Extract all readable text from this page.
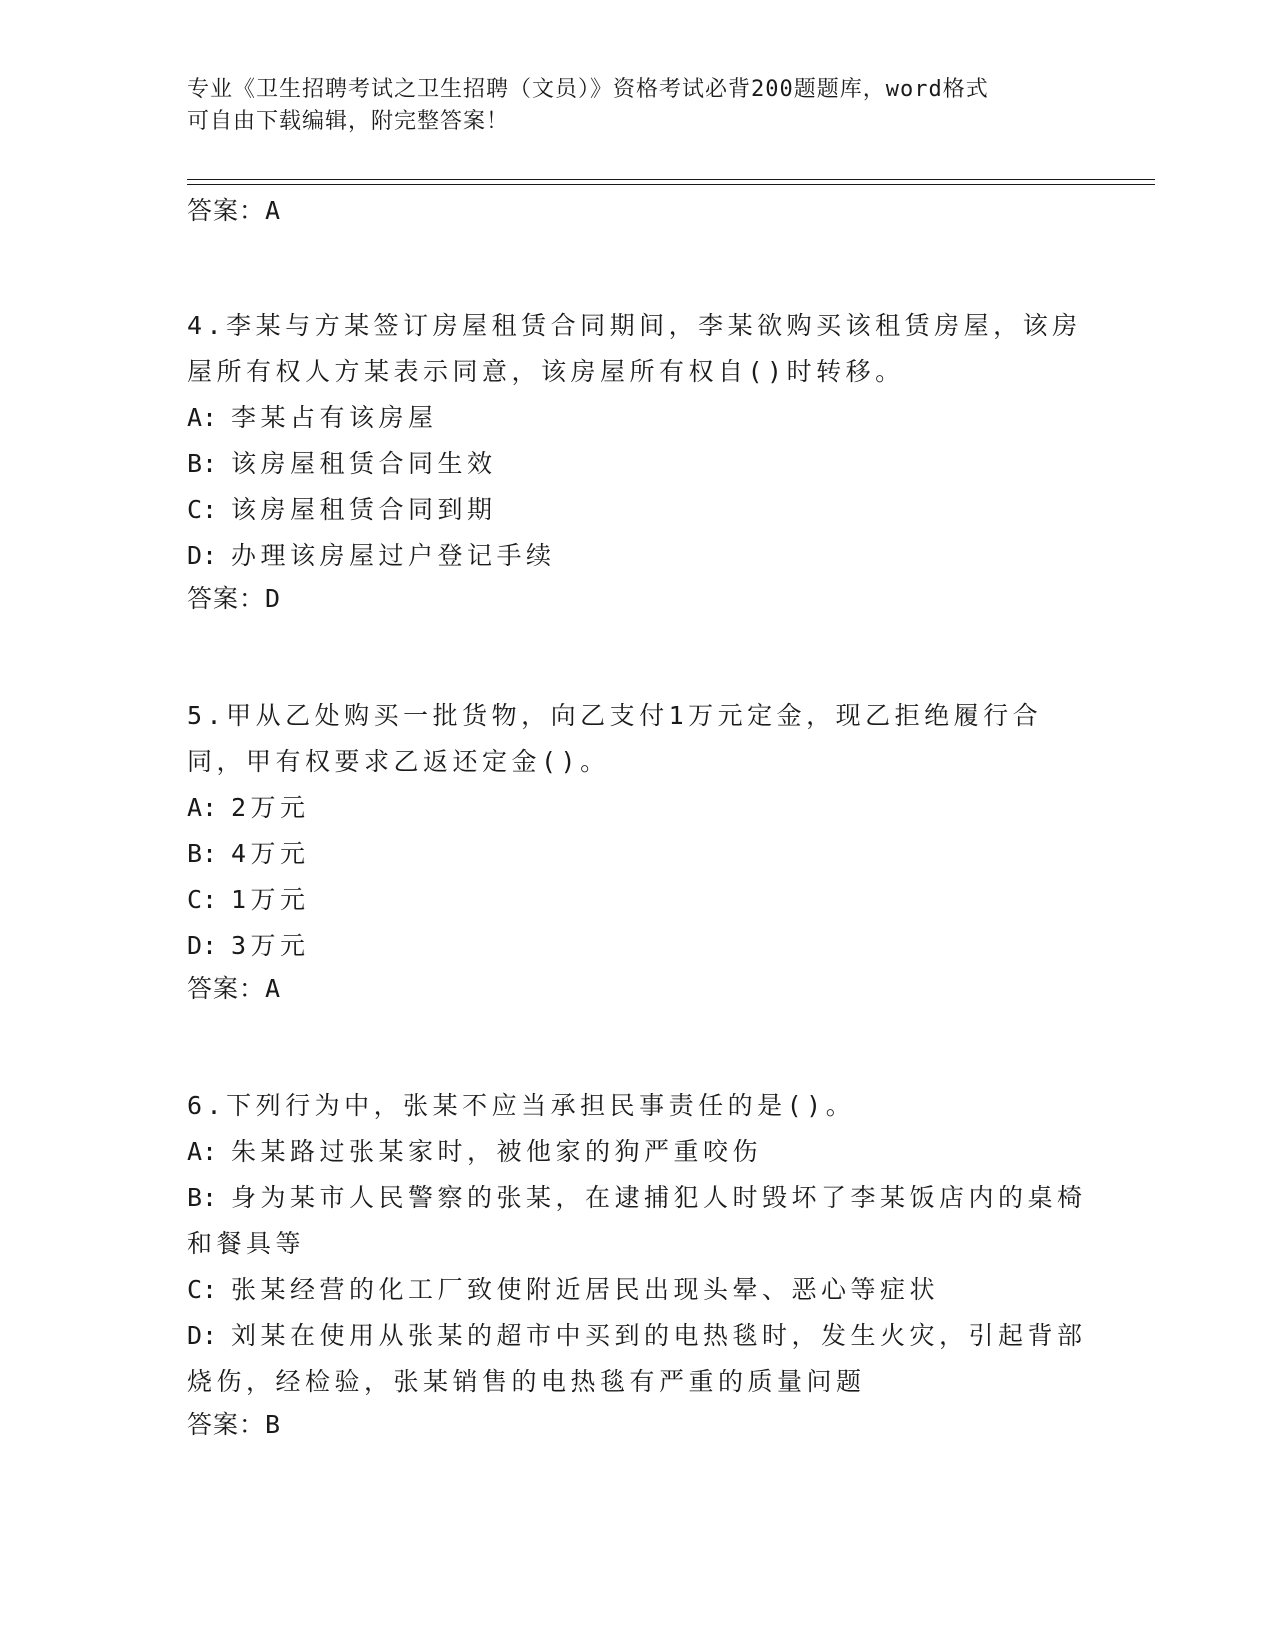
专业《卫生招聘考试之卫生招聘（文员）》资格考试必背200题题库，word格式
可自由下载编辑，附完整答案！

答案：A

4.李某与方某签订房屋租赁合同期间，李某欲购买该租赁房屋，该房屋所有权人方某表示同意，该房屋所有权自()时转移。

A: 李某占有该房屋

B: 该房屋租赁合同生效

C: 该房屋租赁合同到期

D: 办理该房屋过户登记手续

答案：D

5.甲从乙处购买一批货物，向乙支付1万元定金，现乙拒绝履行合同，甲有权要求乙返还定金()。

A: 2万元

B: 4万元

C: 1万元

D: 3万元

答案：A

6.下列行为中，张某不应当承担民事责任的是()。

A: 朱某路过张某家时，被他家的狗严重咬伤

B: 身为某市人民警察的张某，在逮捕犯人时毁坏了李某饭店内的桌椅和餐具等

C: 张某经营的化工厂致使附近居民出现头晕、恶心等症状

D: 刘某在使用从张某的超市中买到的电热毯时，发生火灾，引起背部烧伤，经检验，张某销售的电热毯有严重的质量问题

答案：B
